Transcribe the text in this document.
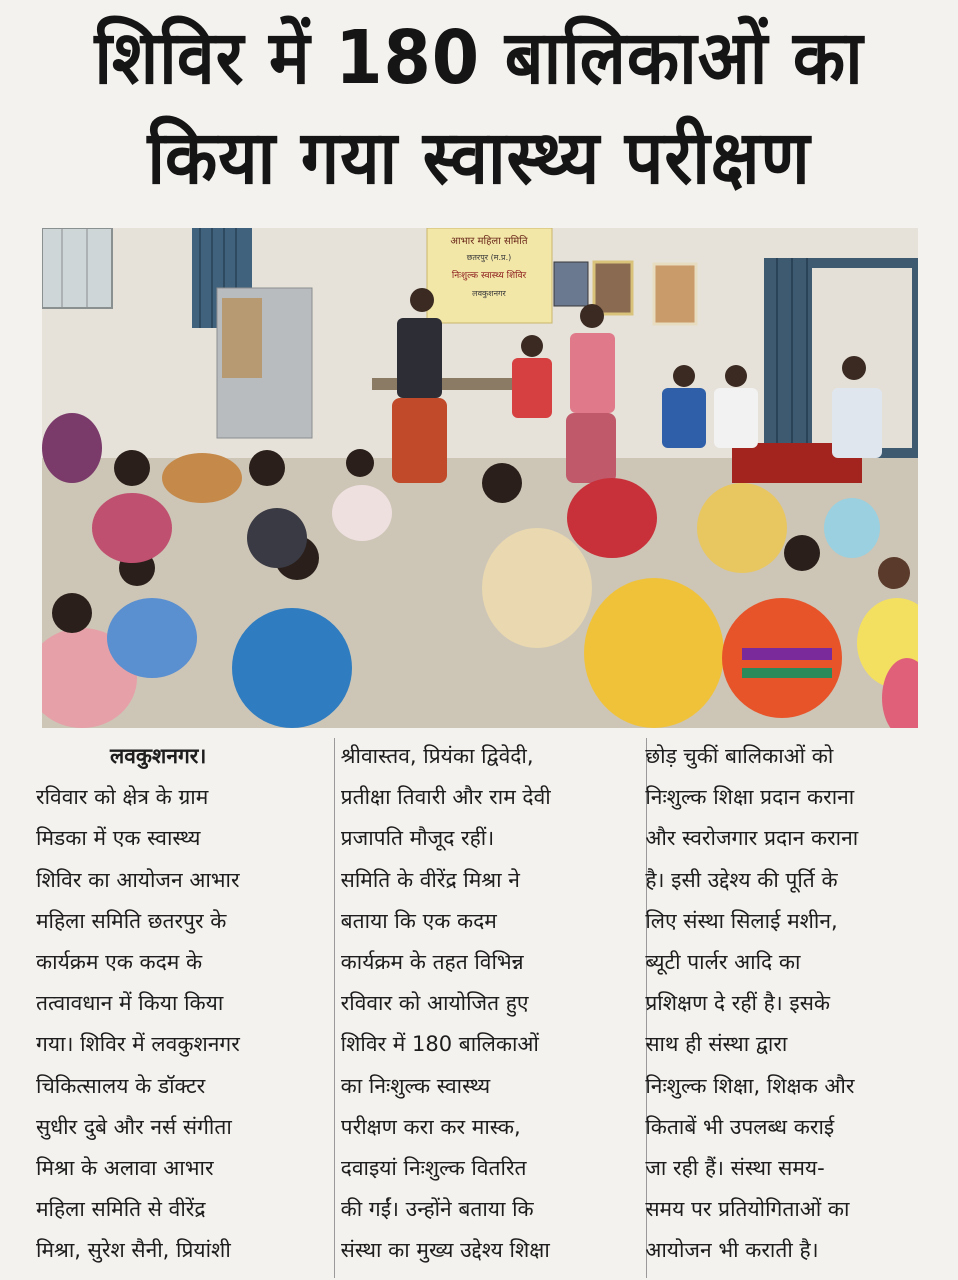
शिविर में 180 बालिकाओं का
किया गया स्वास्थ्य परीक्षण
आभार महिला समिति
छतरपुर (म.प्र.)
निःशुल्क स्वास्थ्य शिविर
लवकुशनगर
लवकुशनगर।
रविवार को क्षेत्र के ग्राम
मिडका में एक स्वास्थ्य
शिविर का आयोजन आभार
महिला समिति छतरपुर के
कार्यक्रम एक कदम के
तत्वावधान में किया किया
गया। शिविर में लवकुशनगर
चिकित्सालय के डॉक्टर
सुधीर दुबे और नर्स संगीता
मिश्रा के अलावा आभार
महिला समिति से वीरेंद्र
मिश्रा, सुरेश सैनी, प्रियांशी
श्रीवास्तव, प्रियंका द्विवेदी,
प्रतीक्षा तिवारी और राम देवी
प्रजापति मौजूद रहीं।
समिति के वीरेंद्र मिश्रा ने
बताया कि एक कदम
कार्यक्रम के तहत विभिन्न
रविवार को आयोजित हुए
शिविर में 180 बालिकाओं
का निःशुल्क स्वास्थ्य
परीक्षण करा कर मास्क,
दवाइयां निःशुल्क वितरित
की गईं। उन्होंने बताया कि
संस्था का मुख्य उद्देश्य शिक्षा
छोड़ चुकीं बालिकाओं को
निःशुल्क शिक्षा प्रदान कराना
और स्वरोजगार प्रदान कराना
है। इसी उद्देश्य की पूर्ति के
लिए संस्था सिलाई मशीन,
ब्यूटी पार्लर आदि का
प्रशिक्षण दे रहीं है। इसके
साथ ही संस्था द्वारा
निःशुल्क शिक्षा, शिक्षक और
किताबें भी उपलब्ध कराई
जा रही हैं। संस्था समय-
समय पर प्रतियोगिताओं का
आयोजन भी कराती है।
